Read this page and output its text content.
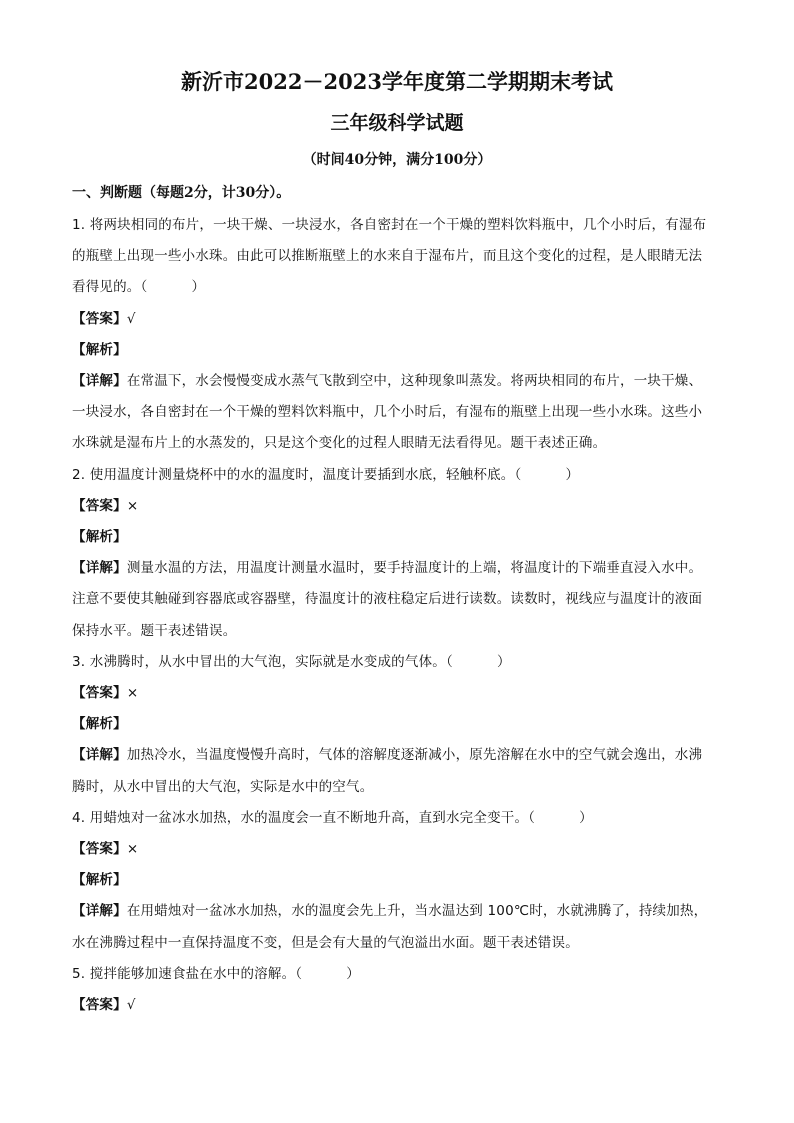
新沂市2022－2023学年度第二学期期末考试
三年级科学试题
（时间40分钟，满分100分）
一、判断题（每题2分，计30分）。
1. 将两块相同的布片，一块干燥、一块浸水，各自密封在一个干燥的塑料饮料瓶中，几个小时后，有湿布
的瓶壁上出现一些小水珠。由此可以推断瓶壁上的水来自于湿布片，而且这个变化的过程，是人眼睛无法
看得见的。（	）
【答案】√
【解析】
【详解】在常温下，水会慢慢变成水蒸气飞散到空中，这种现象叫蒸发。将两块相同的布片，一块干燥、
一块浸水，各自密封在一个干燥的塑料饮料瓶中，几个小时后，有湿布的瓶壁上出现一些小水珠。这些小
水珠就是湿布片上的水蒸发的，只是这个变化的过程人眼睛无法看得见。题干表述正确。
2. 使用温度计测量烧杯中的水的温度时，温度计要插到水底，轻触杯底。（	）
【答案】×
【解析】
【详解】测量水温的方法，用温度计测量水温时，要手持温度计的上端，将温度计的下端垂直浸入水中。
注意不要使其触碰到容器底或容器壁，待温度计的液柱稳定后进行读数。读数时，视线应与温度计的液面
保持水平。题干表述错误。
3. 水沸腾时，从水中冒出的大气泡，实际就是水变成的气体。（	）
【答案】×
【解析】
【详解】加热冷水，当温度慢慢升高时，气体的溶解度逐渐减小，原先溶解在水中的空气就会逸出，水沸
腾时，从水中冒出的大气泡，实际是水中的空气。
4. 用蜡烛对一盆冰水加热，水的温度会一直不断地升高，直到水完全变干。（	）
【答案】×
【解析】
【详解】在用蜡烛对一盆冰水加热，水的温度会先上升，当水温达到 100℃时，水就沸腾了，持续加热，
水在沸腾过程中一直保持温度不变，但是会有大量的气泡溢出水面。题干表述错误。
5. 搅拌能够加速食盐在水中的溶解。（	）
【答案】√
